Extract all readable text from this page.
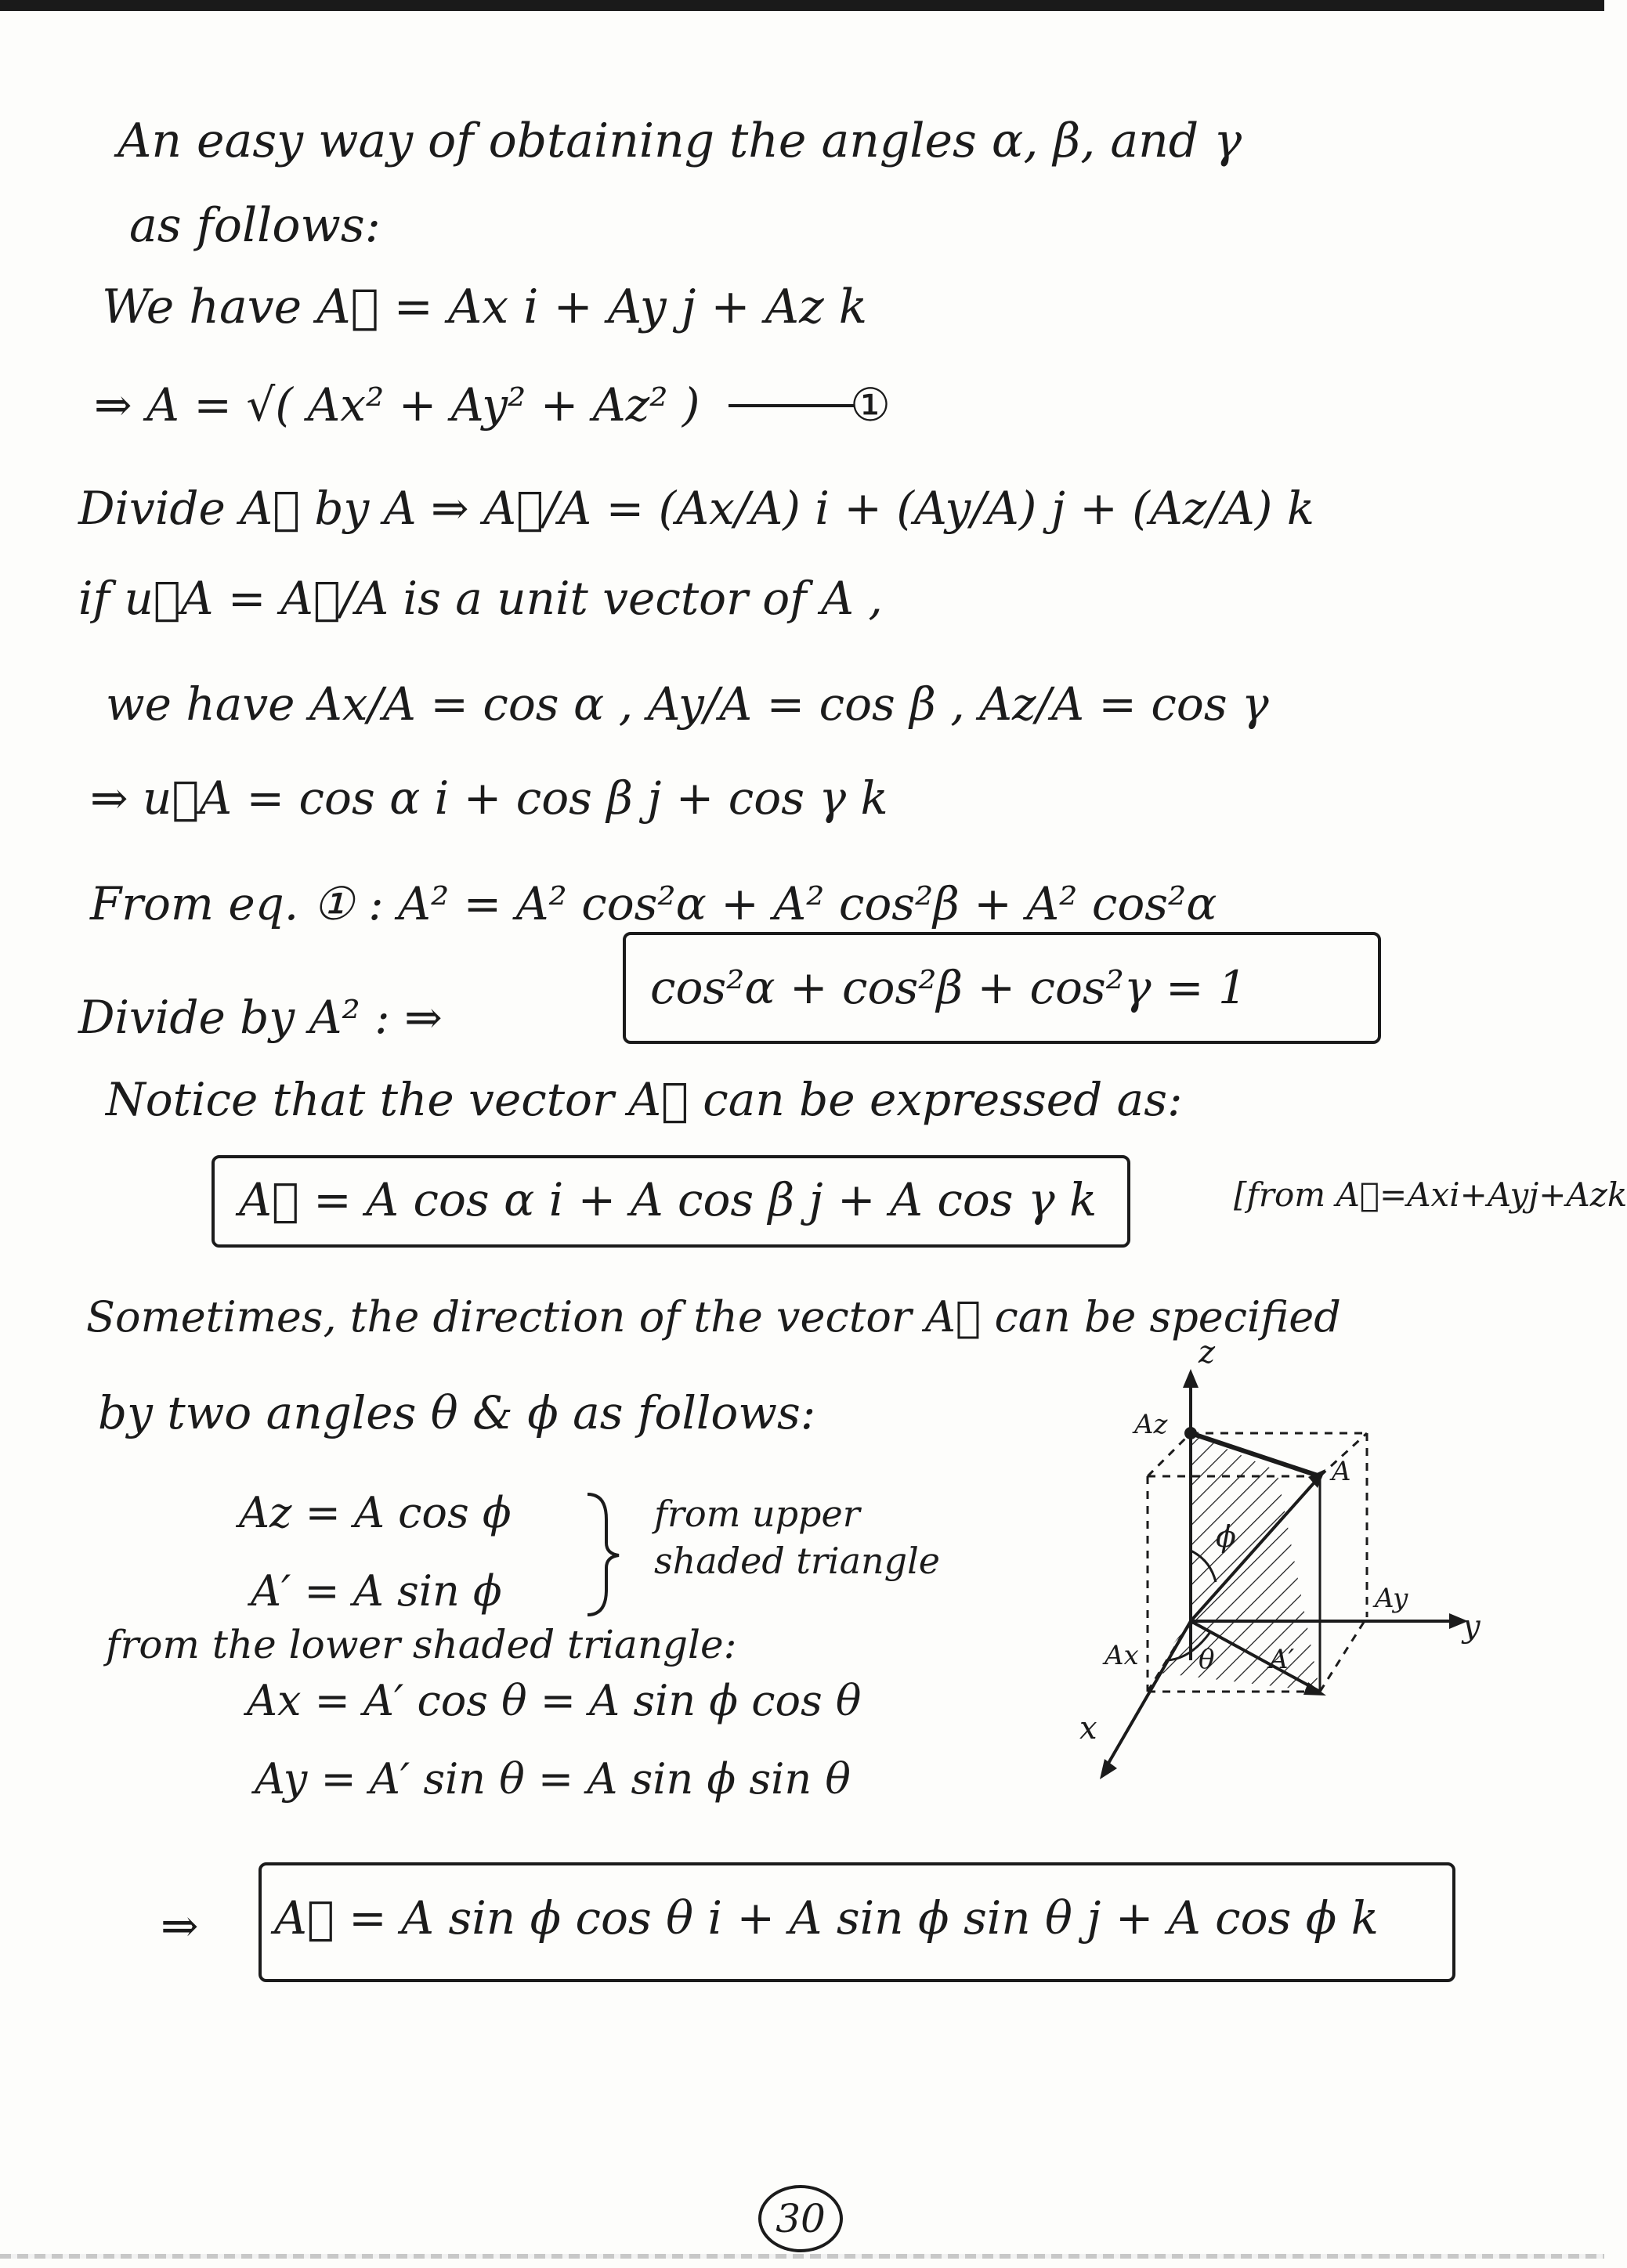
An easy way of obtaining the angles α, β, and γ
as follows:
We have A⃗ = Ax i + Ay j + Az k
⇒ A = √( Ax² + Ay² + Az² )	①
Divide A⃗ by A ⇒ A⃗/A = (Ax/A) i + (Ay/A) j + (Az/A) k
if u⃗A = A⃗/A is a unit vector of A ,
we have Ax/A = cos α , Ay/A = cos β , Az/A = cos γ
⇒ u⃗A = cos α i + cos β j + cos γ k
From eq. ① : A² = A² cos²α + A² cos²β + A² cos²α
Divide by A² : ⇒
cos²α + cos²β + cos²γ = 1
Notice that the vector A⃗ can be expressed as:
A⃗ = A cos α i + A cos β j + A cos γ k	[from A⃗=Axi+Ayj+Azk
Sometimes, the direction of the vector A⃗ can be specified
by two angles θ & ϕ as follows:
Az = A cos ϕ
A′ = A sin ϕ
from upper
shaded triangle
from the lower shaded triangle:
Ax = A′ cos θ = A sin ϕ cos θ
Ay = A′ sin θ = A sin ϕ sin θ
⇒ A⃗ = A sin ϕ cos θ i + A sin ϕ sin θ j + A cos ϕ k
z
y
x
Az
Ay
Ax
A
ϕ
θ A′
30
